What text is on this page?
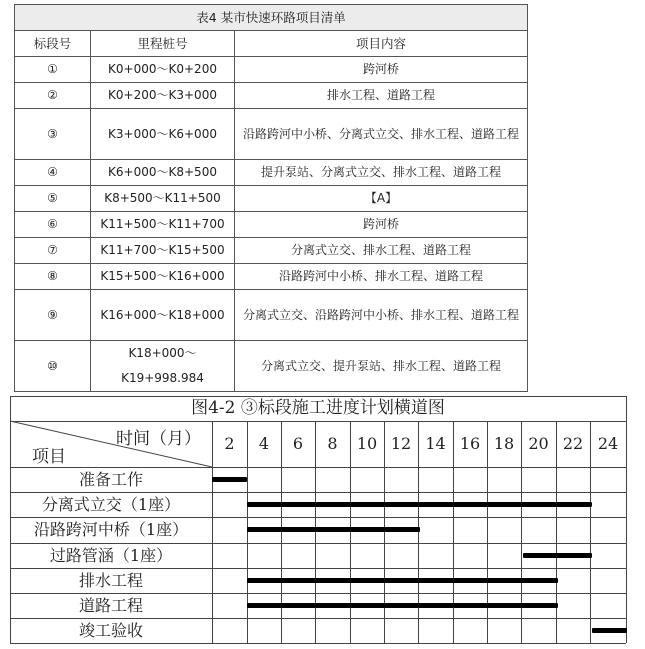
表4 某市快速环路项目清单		
标段号	里程桩号	项目内容
①	K0+000～K0+200	跨河桥
②	K0+200～K3+000	排水工程、道路工程
③	K3+000～K6+000	沿路跨河中小桥、分离式立交、排水工程、道路工程
④	K6+000～K8+500	提升泵站、分离式立交、排水工程、道路工程
⑤	K8+500～K11+500	【A】
⑥	K11+500～K11+700	跨河桥
⑦	K11+700～K15+500	分离式立交、排水工程、道路工程
⑧	K15+500～K16+000	沿路跨河中小桥、排水工程、道路工程
⑨	K16+000～K18+000	分离式立交、沿路跨河中小桥、排水工程、道路工程
⑩	K18+000～K19+998.984	分离式立交、提升泵站、排水工程、道路工程
图4-2 ③标段施工进度计划横道图
时间（月）
项目
2	4	6	8	10 12 14 16 18 20 22 24
准备工作
分离式立交（1座）
沿路跨河中桥（1座）
过路管涵（1座）
排水工程
道路工程
竣工验收
